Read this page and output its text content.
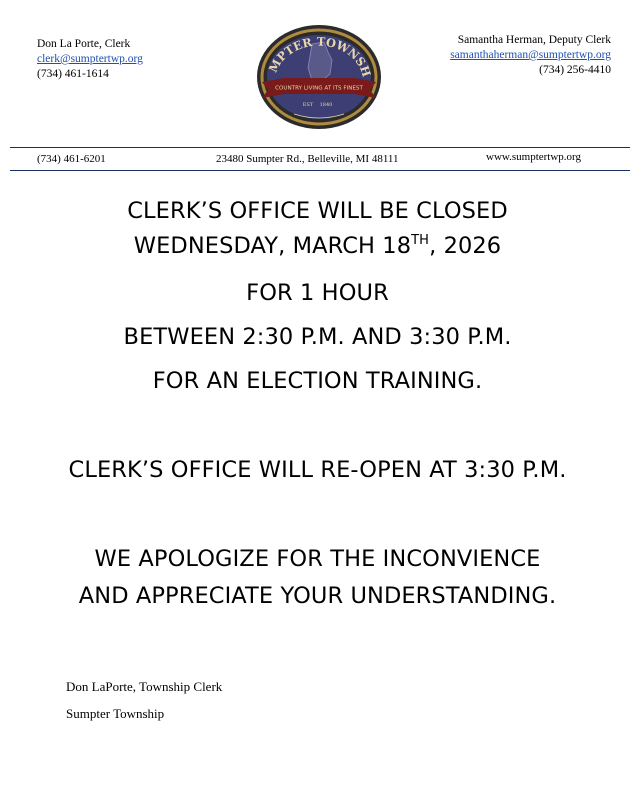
Don La Porte, Clerk
clerk@sumptertwp.org
(734) 461-1614	MPTER TOWNSH
COUNTRY LIVING AT ITS FINEST
EST 1840
Samantha Herman, Deputy Clerk
samanthaherman@sumptertwp.org
(734) 256-4410
(734) 461-6201	23480 Sumpter Rd., Belleville, MI 48111	www.sumptertwp.org
CLERK’S OFFICE WILL BE CLOSED
WEDNESDAY, MARCH 18TH, 2026
FOR 1 HOUR
BETWEEN 2:30 P.M. AND 3:30 P.M.
FOR AN ELECTION TRAINING.
CLERK’S OFFICE WILL RE-OPEN AT 3:30 P.M.
WE APOLOGIZE FOR THE INCONVIENCE
AND APPRECIATE YOUR UNDERSTANDING.
Don LaPorte, Township Clerk
Sumpter Township
